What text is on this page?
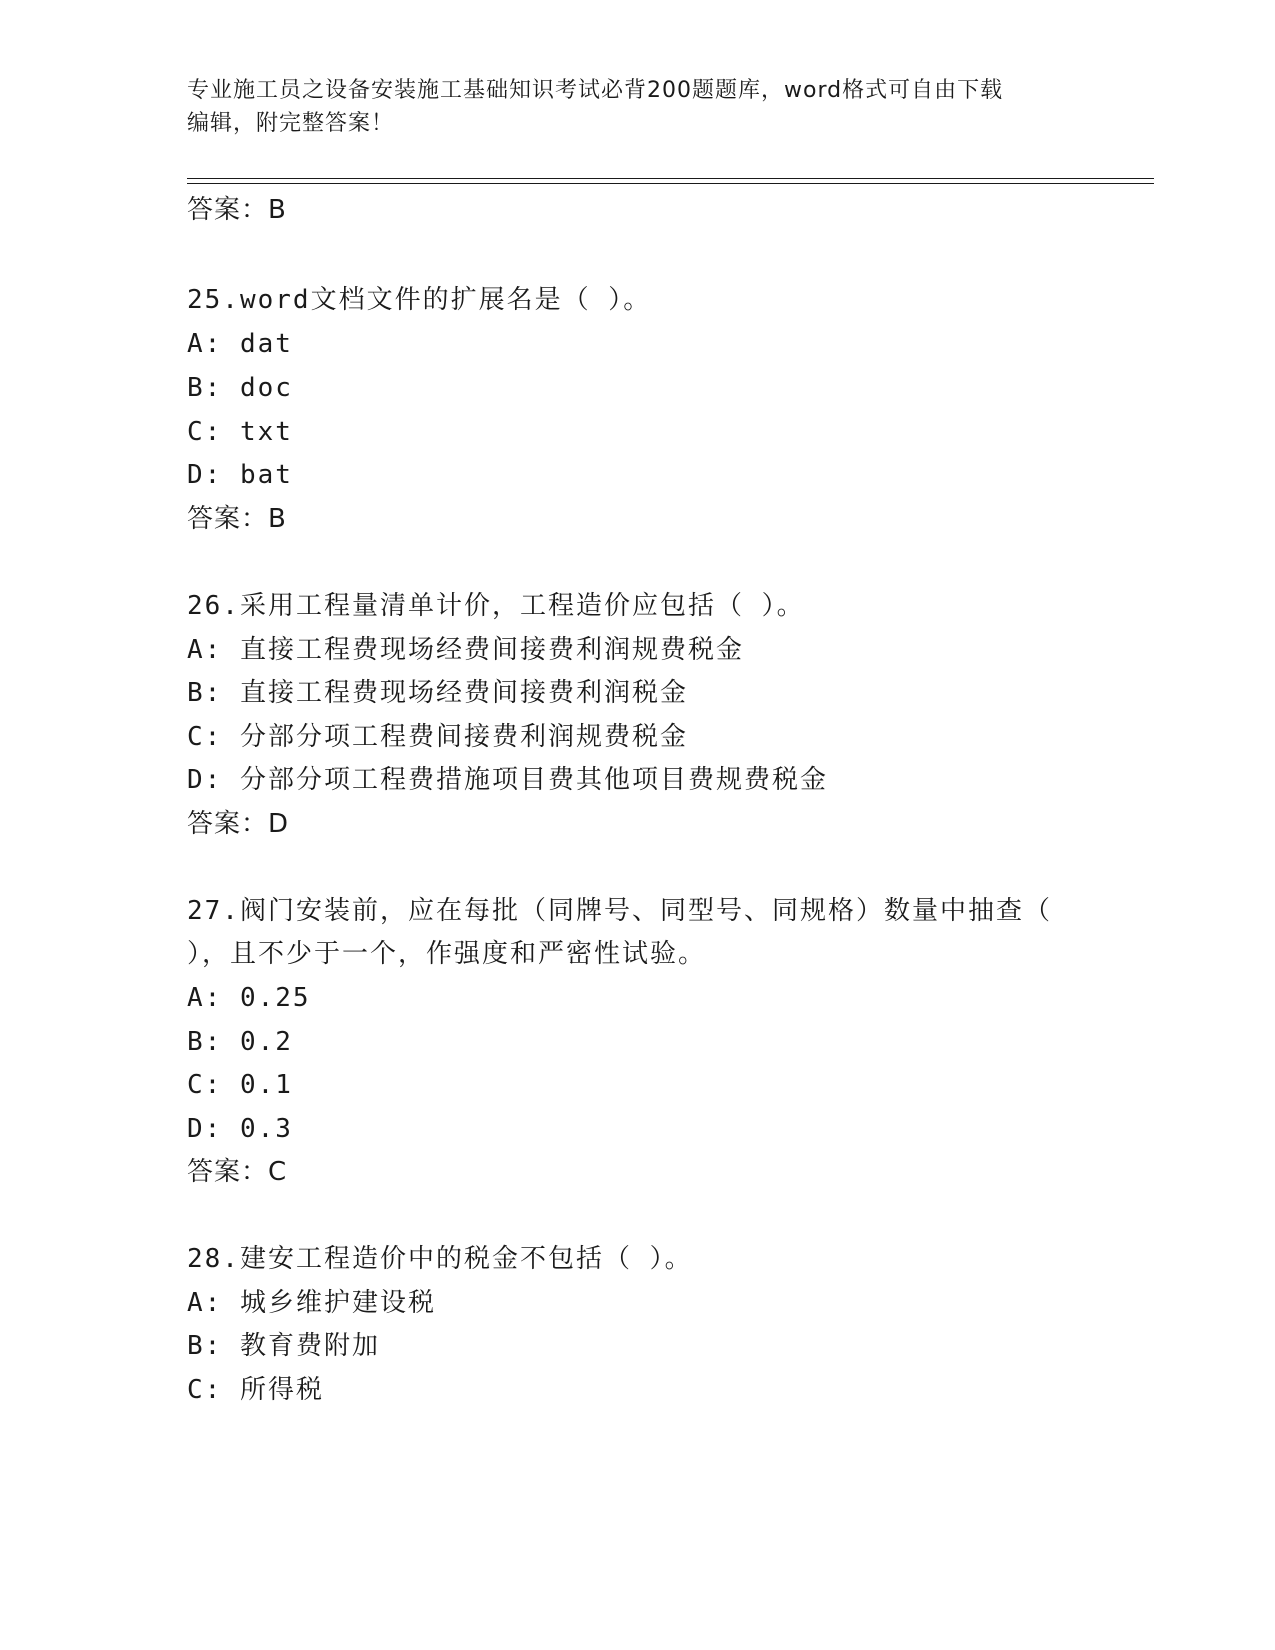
专业施工员之设备安装施工基础知识考试必背200题题库，word格式可自由下载
编辑，附完整答案！
答案：B
25.word文档文件的扩展名是（ ）。
A: dat
B: doc
C: txt
D: bat
答案：B
26.采用工程量清单计价，工程造价应包括（ ）。
A: 直接工程费现场经费间接费利润规费税金
B: 直接工程费现场经费间接费利润税金
C: 分部分项工程费间接费利润规费税金
D: 分部分项工程费措施项目费其他项目费规费税金
答案：D
27.阀门安装前，应在每批（同牌号、同型号、同规格）数量中抽查（
），且不少于一个，作强度和严密性试验。
A: 0.25
B: 0.2
C: 0.1
D: 0.3
答案：C
28.建安工程造价中的税金不包括（ ）。
A: 城乡维护建设税
B: 教育费附加
C: 所得税
